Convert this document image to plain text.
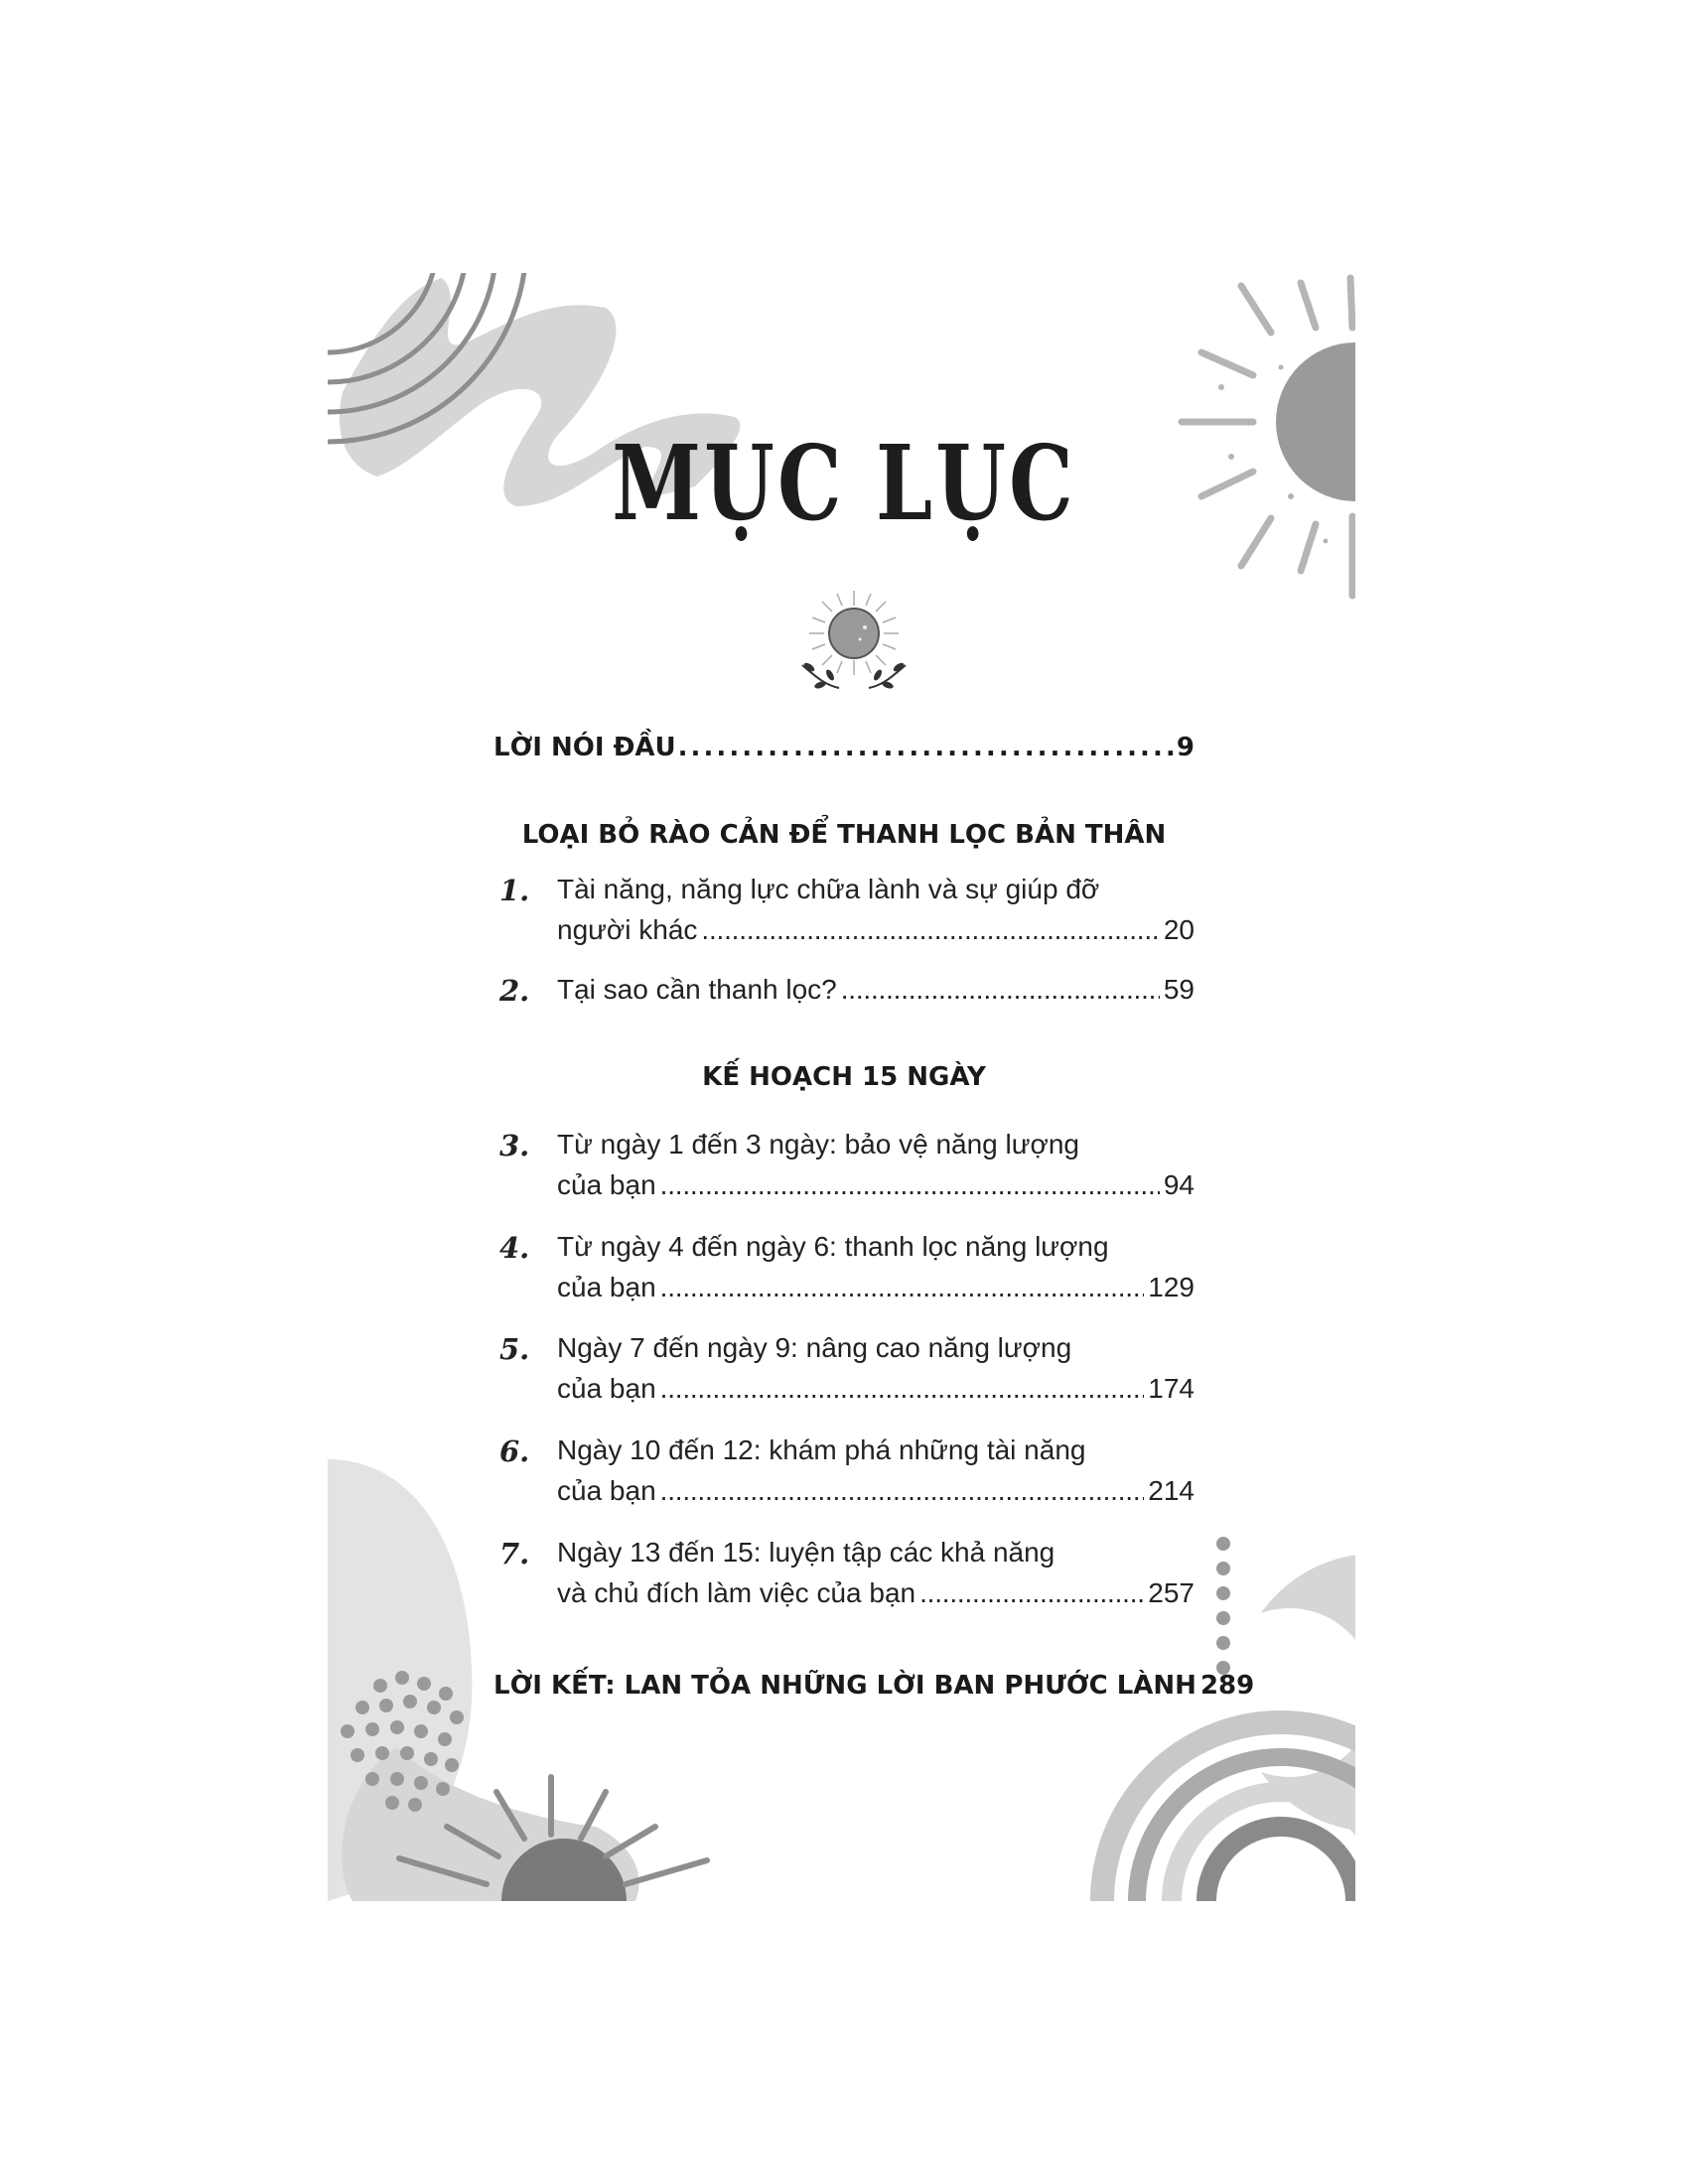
MỤC LỤC
LỜI NÓI ĐẦU . . .	9
LOẠI BỎ RÀO CẢN ĐỂ THANH LỌC BẢN THÂN
1. Tài năng, năng lực chữa lành và sự giúp đỡ
người khác . . .	20
2. Tại sao cần thanh lọc? . . .	59
KẾ HOẠCH 15 NGÀY
3. Từ ngày 1 đến 3 ngày: bảo vệ năng lượng
của bạn . . .	94
4. Từ ngày 4 đến ngày 6: thanh lọc năng lượng
của bạn . . .	129
5. Ngày 7 đến ngày 9: nâng cao năng lượng
của bạn . . .	174
6. Ngày 10 đến 12: khám phá những tài năng
của bạn . . .	214
7. Ngày 13 đến 15: luyện tập các khả năng
và chủ đích làm việc của bạn . . .	257
LỜI KẾT: LAN TỎA NHỮNG LỜI BAN PHƯỚC LÀNH 289
